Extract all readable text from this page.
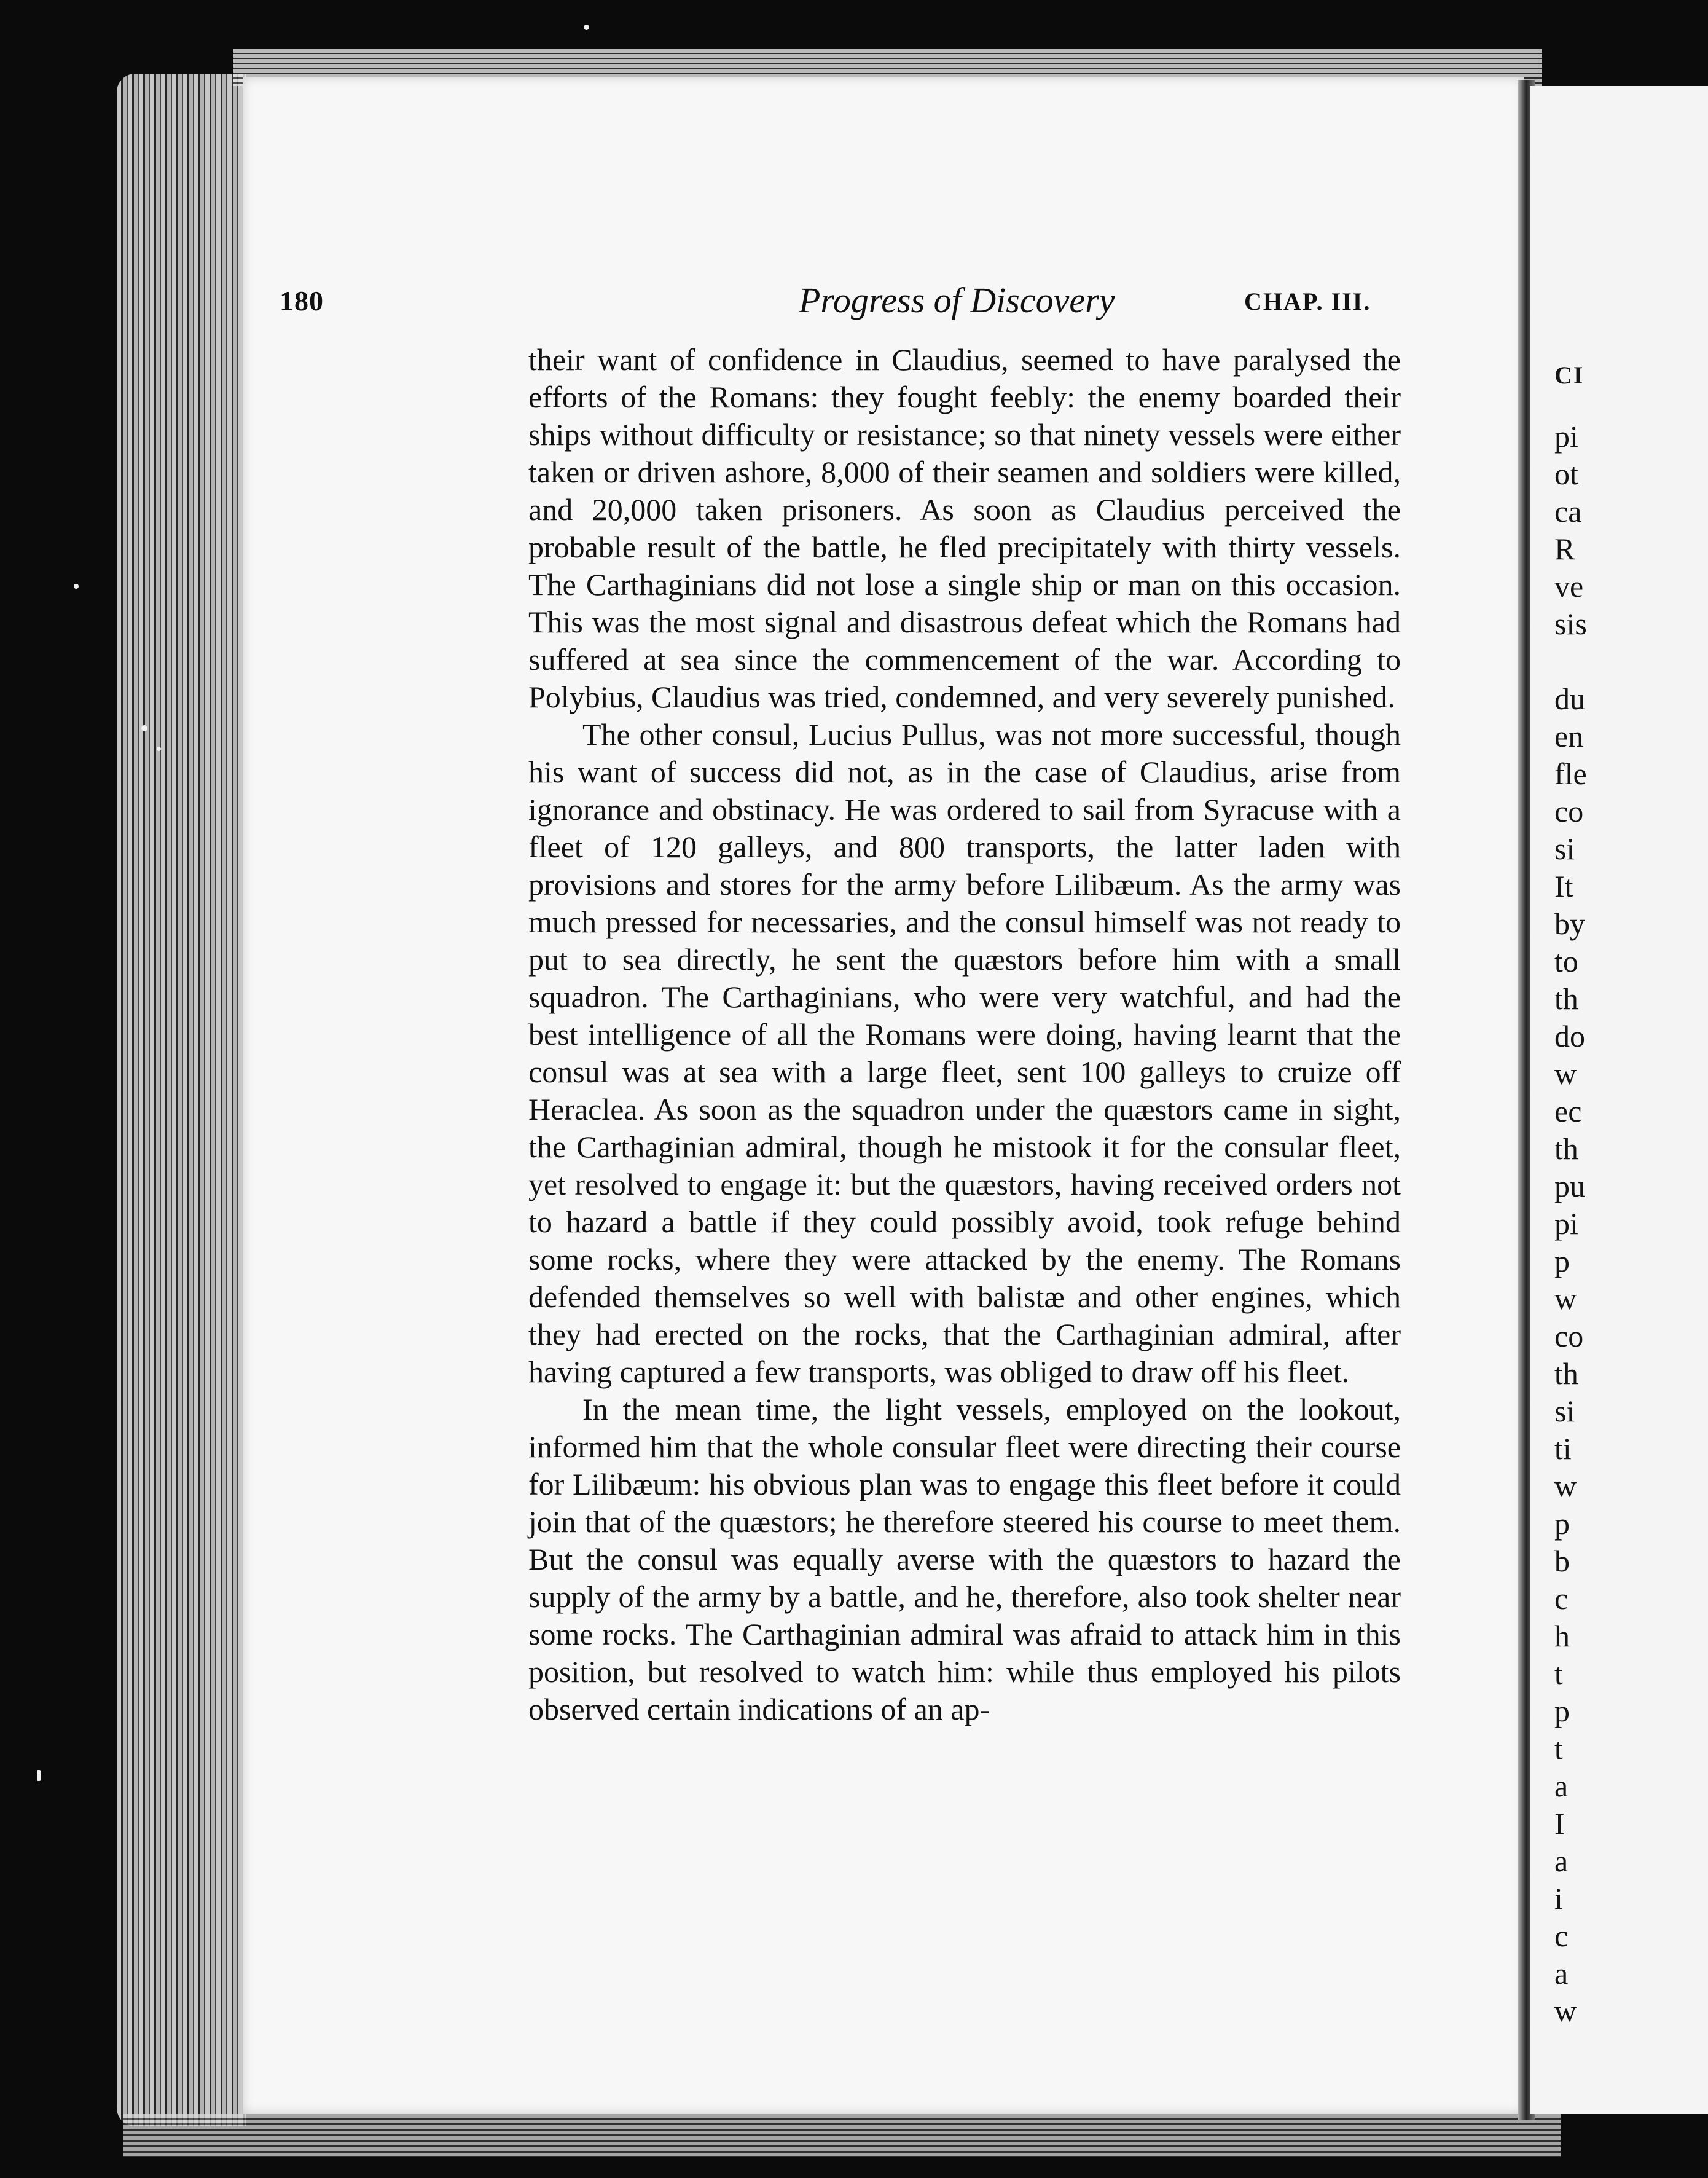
CI
pi
ot
ca
R
ve
sis
du
en
fle
co
si
It
by
to
th
do
w
ec
th
pu
pi
p
w
co
th
si
ti
w
p
b
c
h
t
p
t
a
I
a
i
c
a
w
180	Progress of Discovery	CHAP. III.

their want of confidence in Claudius, seemed to have paralysed the efforts of the Romans: they fought feebly: the enemy boarded their ships without difficulty or resistance; so that ninety vessels were either taken or driven ashore, 8,000 of their seamen and soldiers were killed, and 20,000 taken prisoners. As soon as Claudius perceived the probable result of the battle, he fled precipitately with thirty vessels. The Carthaginians did not lose a single ship or man on this occasion. This was the most signal and disastrous defeat which the Romans had suffered at sea since the commencement of the war. According to Polybius, Claudius was tried, condemned, and very severely punished.

The other consul, Lucius Pullus, was not more successful, though his want of success did not, as in the case of Claudius, arise from ignorance and obstinacy. He was ordered to sail from Syracuse with a fleet of 120 galleys, and 800 transports, the latter laden with provisions and stores for the army before Lilibæum. As the army was much pressed for necessaries, and the consul himself was not ready to put to sea directly, he sent the quæstors before him with a small squadron. The Carthaginians, who were very watchful, and had the best intelligence of all the Romans were doing, having learnt that the consul was at sea with a large fleet, sent 100 galleys to cruize off Heraclea. As soon as the squadron under the quæstors came in sight, the Carthaginian admiral, though he mistook it for the consular fleet, yet resolved to engage it: but the quæstors, having received orders not to hazard a battle if they could possibly avoid, took refuge behind some rocks, where they were attacked by the enemy. The Romans defended themselves so well with balistæ and other engines, which they had erected on the rocks, that the Carthaginian admiral, after having captured a few transports, was obliged to draw off his fleet.

In the mean time, the light vessels, employed on the lookout, informed him that the whole consular fleet were directing their course for Lilibæum: his obvious plan was to engage this fleet before it could join that of the quæstors; he therefore steered his course to meet them. But the consul was equally averse with the quæstors to hazard the supply of the army by a battle, and he, therefore, also took shelter near some rocks. The Carthaginian admiral was afraid to attack him in this position, but resolved to watch him: while thus employed his pilots observed certain indications of an ap-
